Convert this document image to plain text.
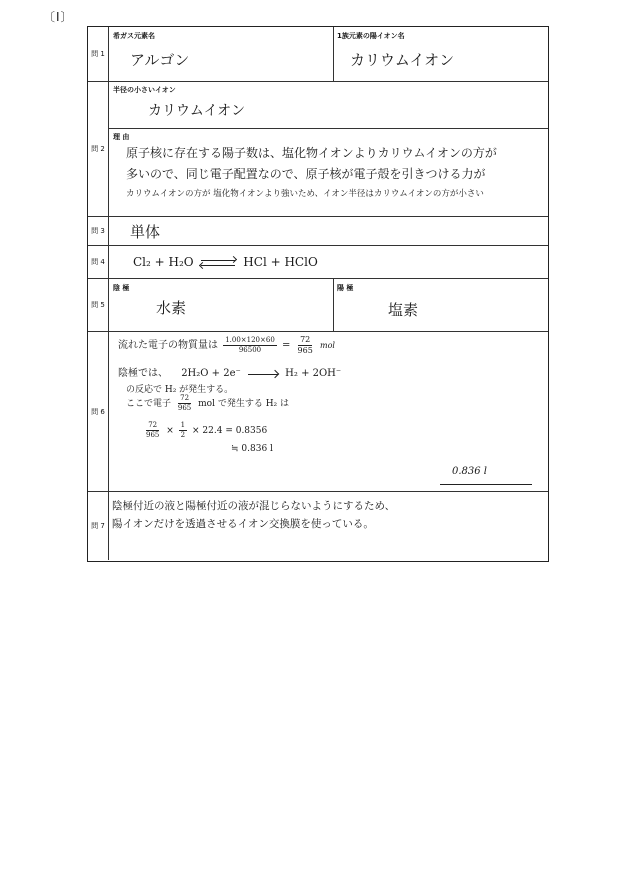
〔Ⅰ〕
問 1
希ガス元素名
アルゴン
1族元素の陽イオン名
カリウムイオン
問 2
半径の小さいイオン
カリウムイオン
理 由
原子核に存在する陽子数は、塩化物イオンよりカリウムイオンの方が
多いので、同じ電子配置なので、原子核が電子殻を引きつける力が
カリウムイオンの方が 塩化物イオンより強いため、イオン半径はカリウムイオンの方が小さい
問 3 単体
問 4 Cl₂ + H₂O	HCl + HClO
問 5
陰 極
水素
陽 極
塩素
問 6
流れた電子の物質量は $\frac{1.00\times 120\times 60}{96500} = \frac{72}{965}$ mol
陰極では、 2H₂O + 2e⁻ → H₂ + 2OH⁻
の反応で H₂ が発生する。
ここで電子 $\frac{72}{965}$ mol で発生する H₂ は
$\frac{72}{965} \times \frac{1}{2} \times 22.4 = 0.8356$
≒ 0.836 l
0.836 l
問 7
陰極付近の液と陽極付近の液が混じらないようにするため、
陽イオンだけを透過させるイオン交換膜を使っている。
